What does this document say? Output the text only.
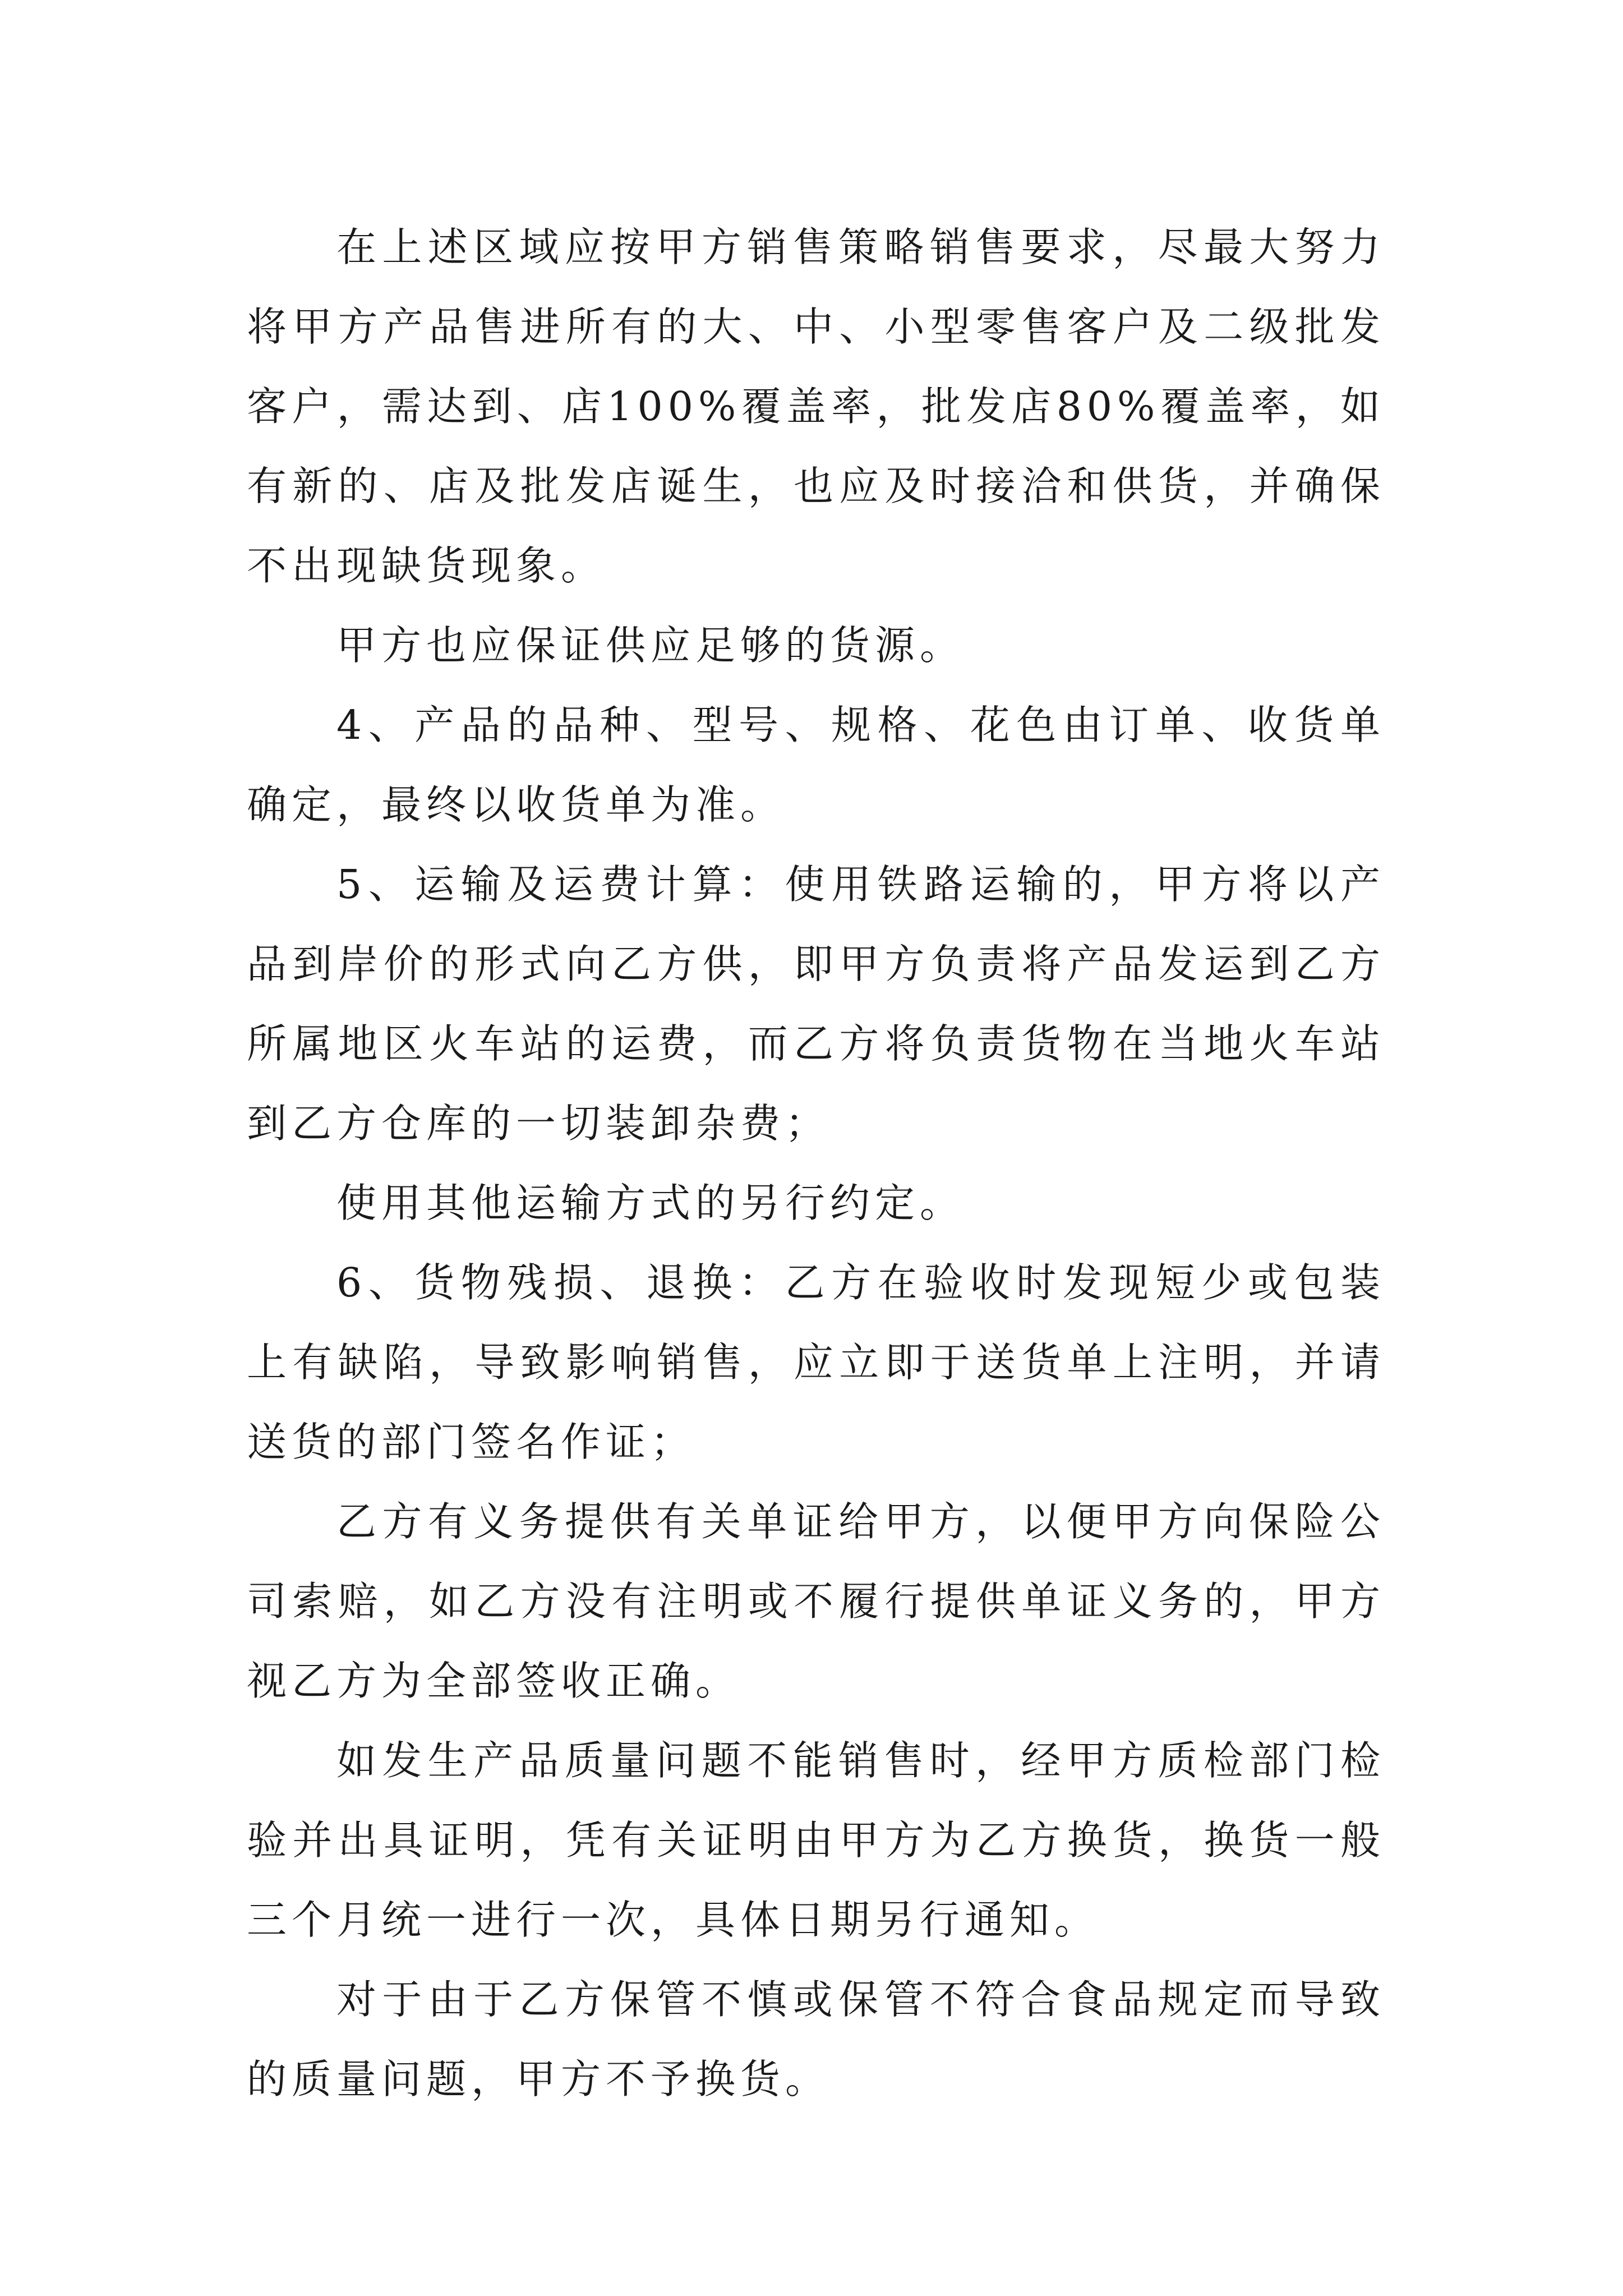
在上述区域应按甲方销售策略销售要求，尽最大努力将甲方产品售进所有的大、中、小型零售客户及二级批发客户，需达到、店100%覆盖率，批发店80%覆盖率，如有新的、店及批发店诞生，也应及时接洽和供货，并确保不出现缺货现象。

甲方也应保证供应足够的货源。

4、产品的品种、型号、规格、花色由订单、收货单确定，最终以收货单为准。

5、运输及运费计算：使用铁路运输的，甲方将以产品到岸价的形式向乙方供，即甲方负责将产品发运到乙方所属地区火车站的运费，而乙方将负责货物在当地火车站到乙方仓库的一切装卸杂费；

使用其他运输方式的另行约定。

6、货物残损、退换：乙方在验收时发现短少或包装上有缺陷，导致影响销售，应立即于送货单上注明，并请送货的部门签名作证；

乙方有义务提供有关单证给甲方，以便甲方向保险公司索赔，如乙方没有注明或不履行提供单证义务的，甲方视乙方为全部签收正确。

如发生产品质量问题不能销售时，经甲方质检部门检验并出具证明，凭有关证明由甲方为乙方换货，换货一般三个月统一进行一次，具体日期另行通知。

对于由于乙方保管不慎或保管不符合食品规定而导致的质量问题，甲方不予换货。
